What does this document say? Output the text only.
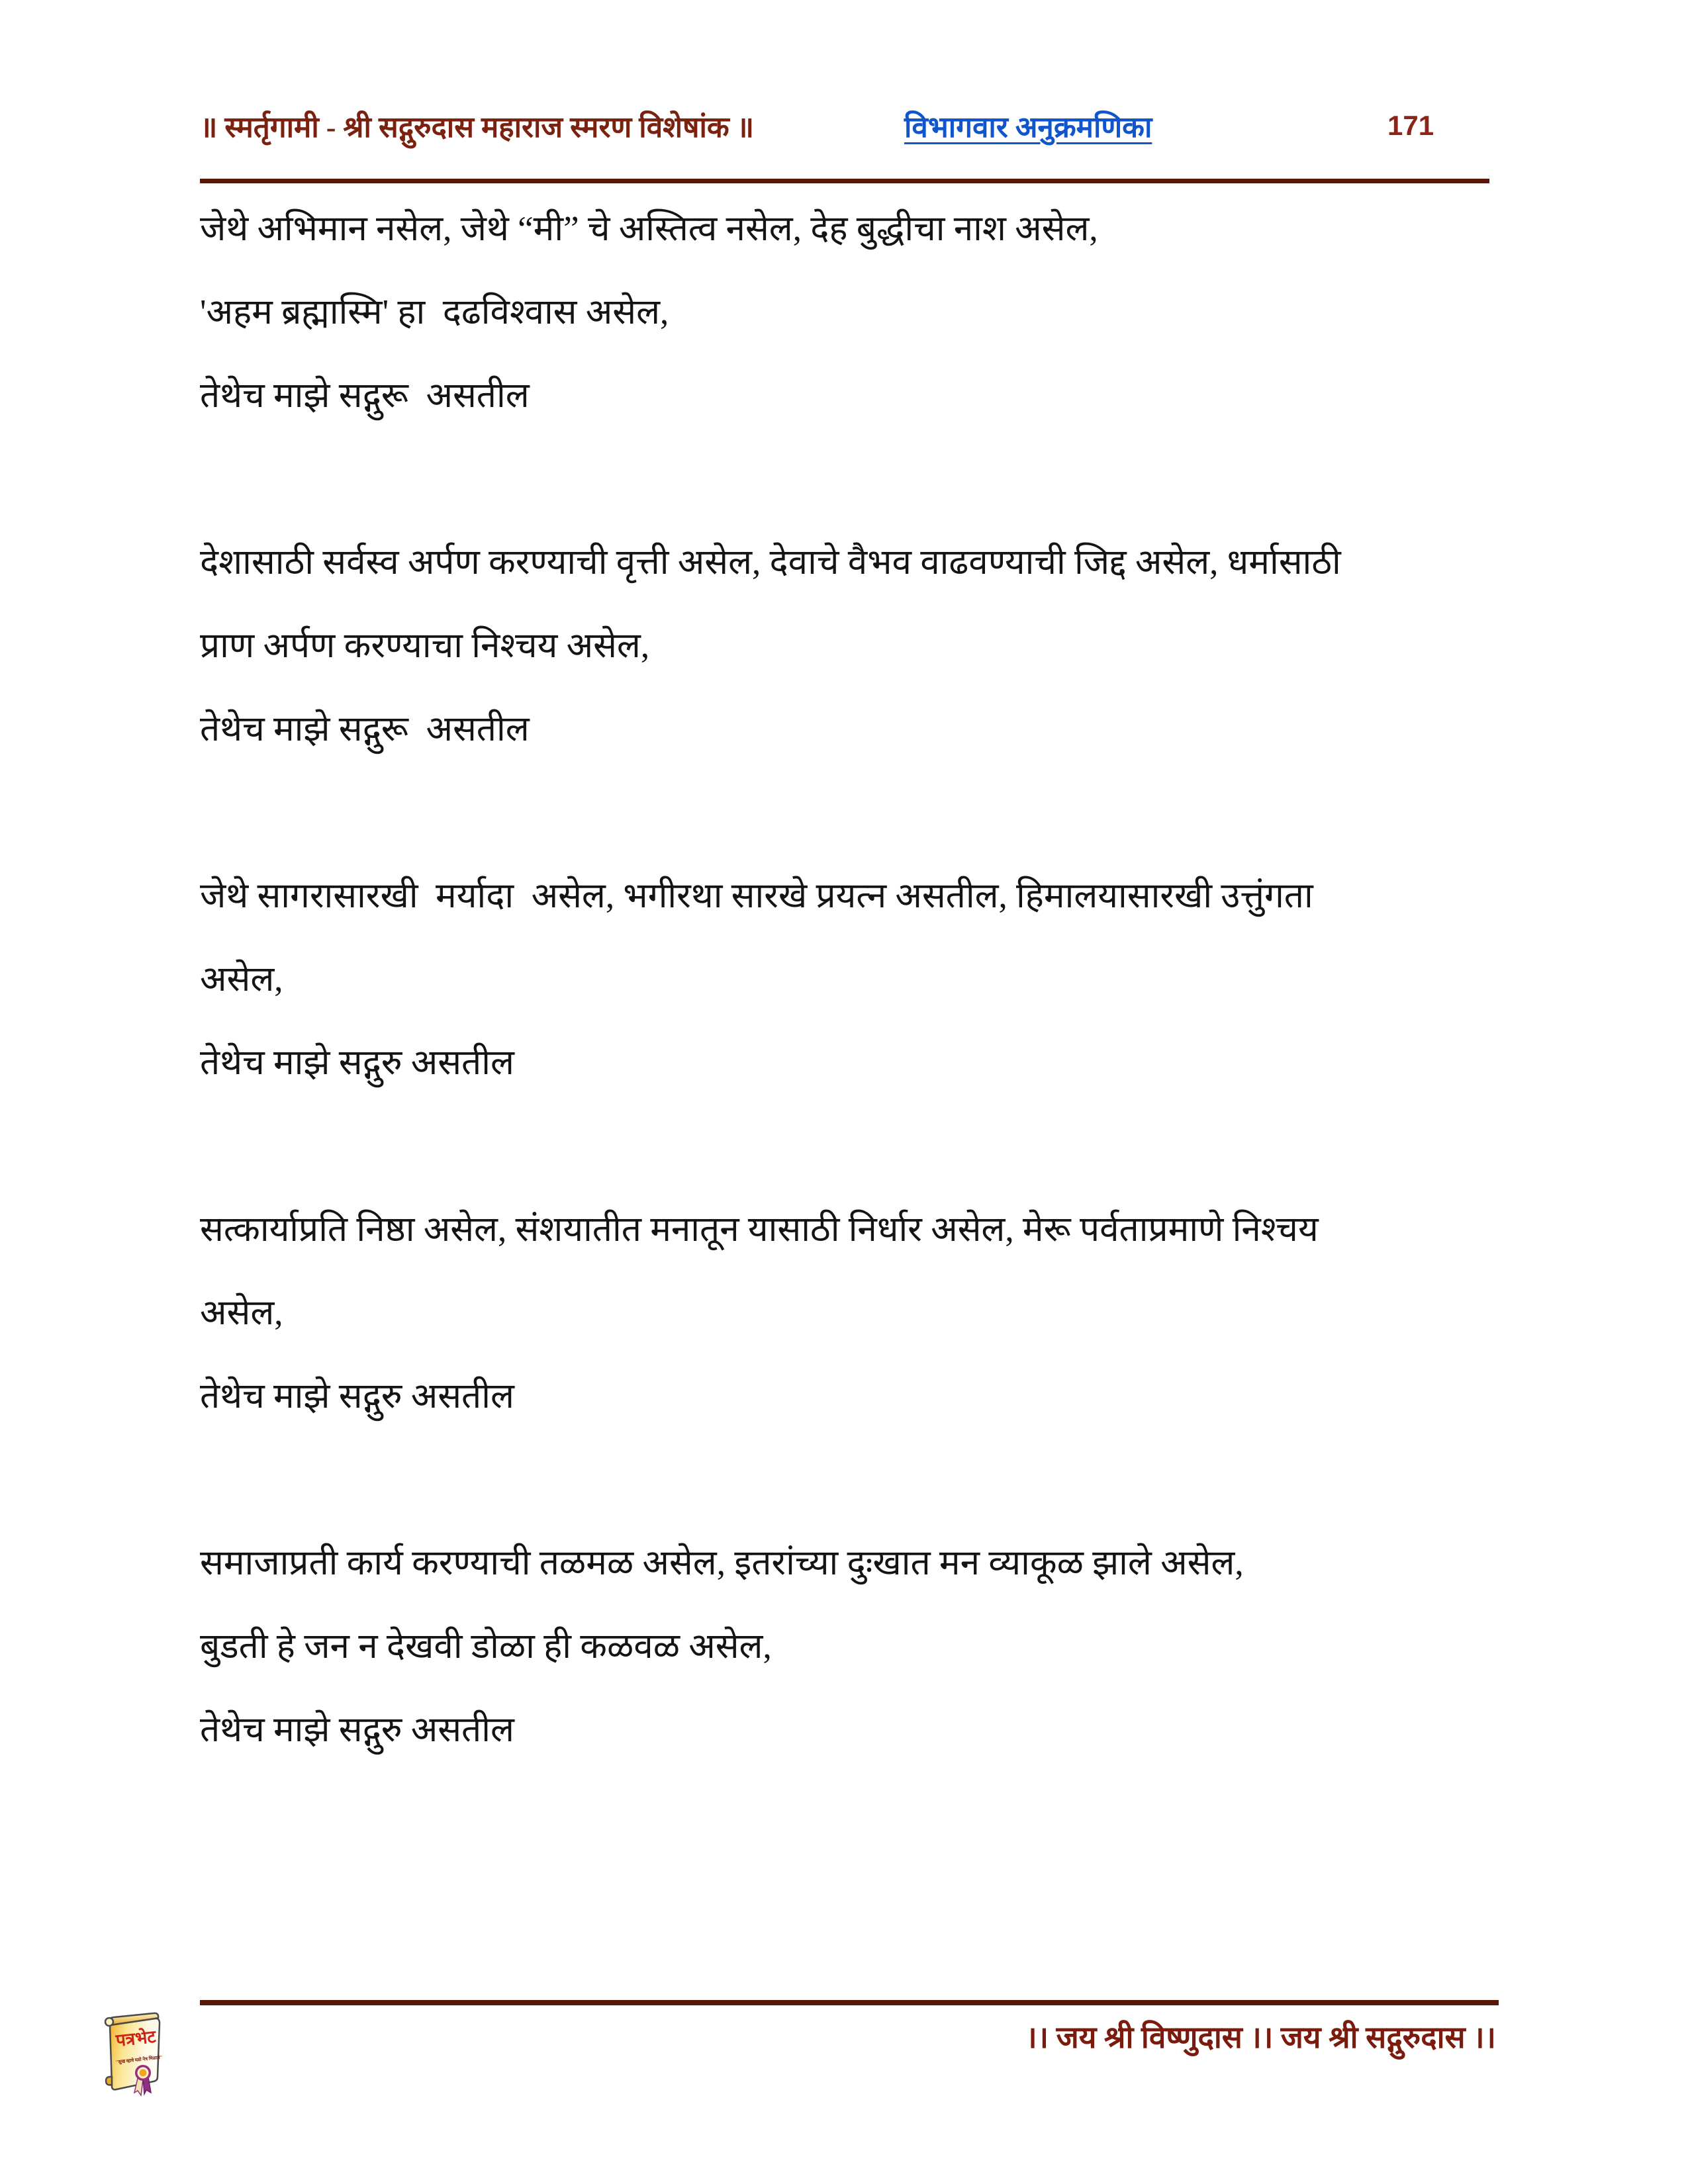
॥ स्मर्तृगामी - श्री सद्गुरुदास महाराज स्मरण विशेषांक ॥	विभागवार अनुक्रमणिका	171
जेथे अभिमान नसेल, जेथे “मी” चे अस्तित्व नसेल, देह बुद्धीचा नाश असेल,
'अहम ब्रह्मास्मि' हा  दढविश्वास असेल,
तेथेच माझे सद्गुरू  असतील
देशासाठी सर्वस्व अर्पण करण्याची वृत्ती असेल, देवाचे वैभव वाढवण्याची जिद्द असेल, धर्मासाठी
प्राण अर्पण करण्याचा निश्चय असेल,
तेथेच माझे सद्गुरू  असतील
जेथे सागरासारखी  मर्यादा  असेल, भगीरथा सारखे प्रयत्न असतील, हिमालयासारखी उत्तुंगता
असेल,
तेथेच माझे सद्गुरु असतील
सत्कार्याप्रति निष्ठा असेल, संशयातीत मनातून यासाठी निर्धार असेल, मेरू पर्वताप्रमाणे निश्चय
असेल,
तेथेच माझे सद्गुरु असतील
समाजाप्रती कार्य करण्याची तळमळ असेल, इतरांच्या दुःखात मन व्याकूळ झाले असेल,
बुडती हे जन न देखवी डोळा ही कळवळ असेल,
तेथेच माझे सद्गुरु असतील
।। जय श्री विष्णुदास ।। जय श्री सद्गुरुदास ।।
पत्रभेट
"सुख व्हावे घडो नेत्र मिळावे"
